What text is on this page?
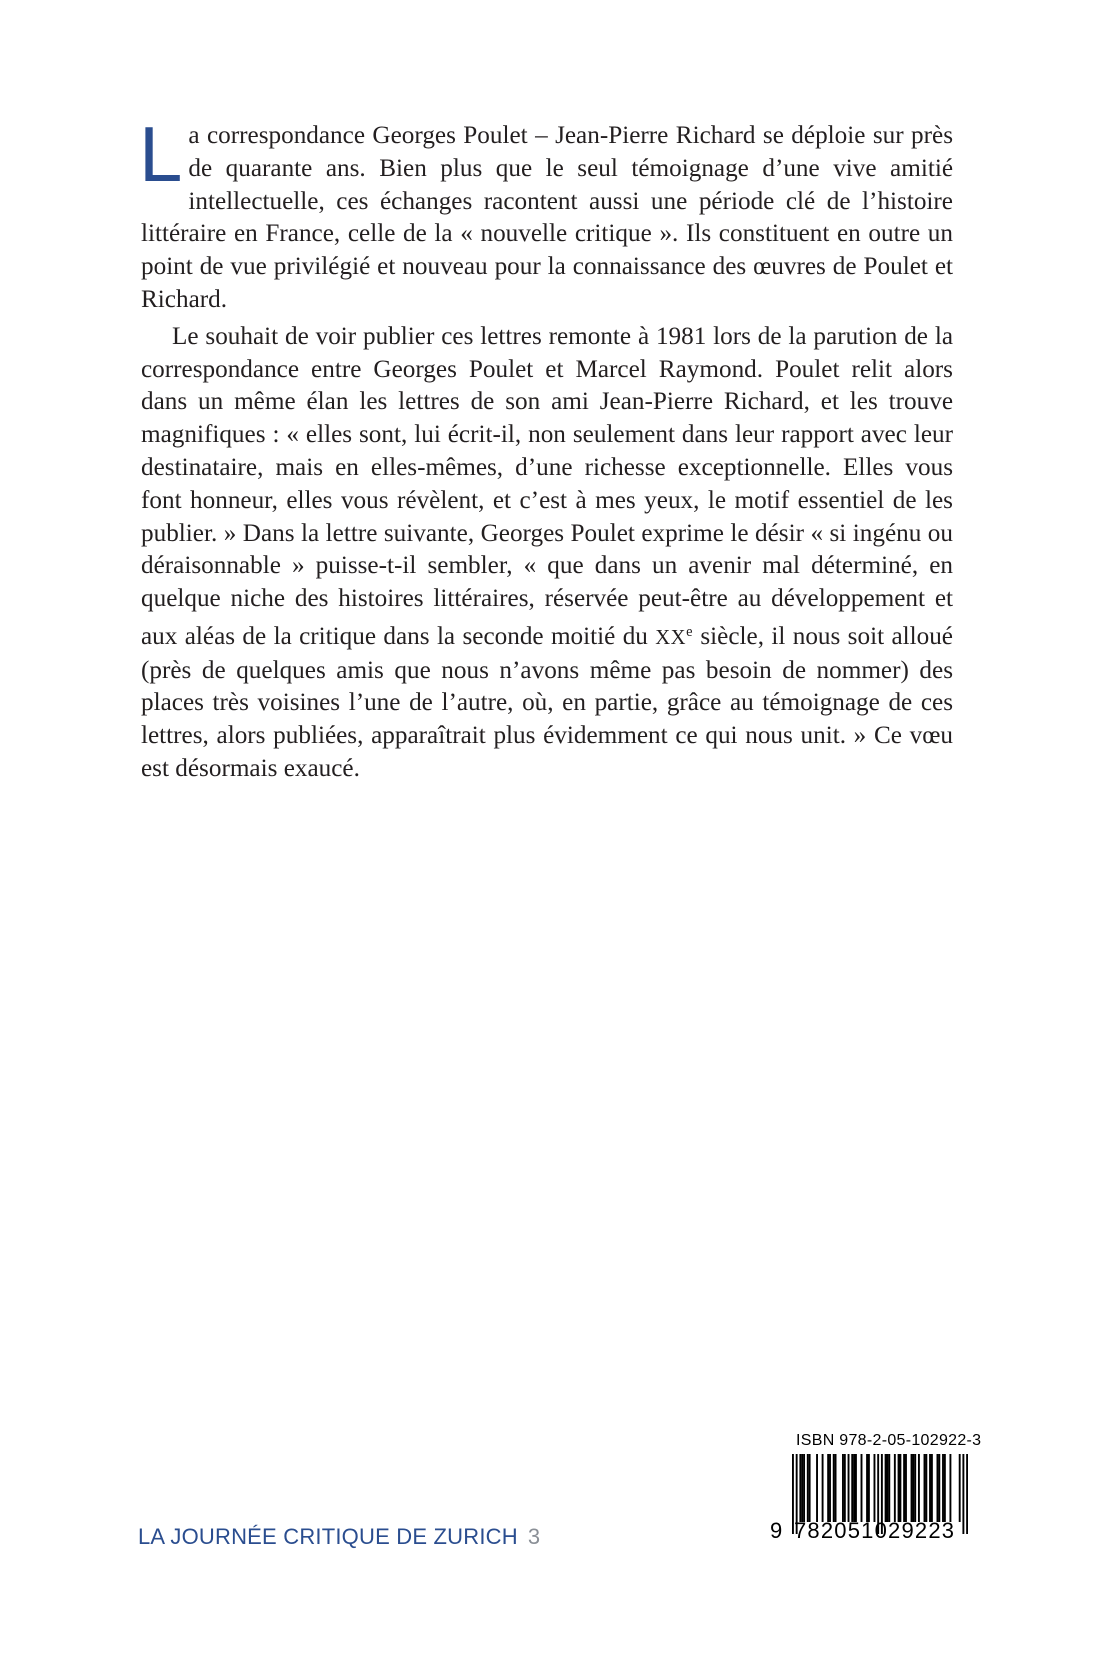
La correspondance Georges Poulet – Jean-Pierre Richard se déploie sur près de quarante ans. Bien plus que le seul témoignage d’une vive amitié intellectuelle, ces échanges racontent aussi une période clé de l’histoire littéraire en France, celle de la « nouvelle critique ». Ils constituent en outre un point de vue privilégié et nouveau pour la connaissance des œuvres de Poulet et Richard.

Le souhait de voir publier ces lettres remonte à 1981 lors de la parution de la correspondance entre Georges Poulet et Marcel Raymond. Poulet relit alors dans un même élan les lettres de son ami Jean-Pierre Richard, et les trouve magnifiques : « elles sont, lui écrit-il, non seulement dans leur rapport avec leur destinataire, mais en elles-mêmes, d’une richesse exceptionnelle. Elles vous font honneur, elles vous révèlent, et c’est à mes yeux, le motif essentiel de les publier. » Dans la lettre suivante, Georges Poulet exprime le désir « si ingénu ou déraisonnable » puisse-t-il sembler, « que dans un avenir mal déterminé, en quelque niche des histoires littéraires, réservée peut-être au développement et aux aléas de la critique dans la seconde moitié du XXe siècle, il nous soit alloué (près de quelques amis que nous n’avons même pas besoin de nommer) des places très voisines l’une de l’autre, où, en partie, grâce au témoignage de ces lettres, alors publiées, apparaîtrait plus évidemment ce qui nous unit. » Ce vœu est désormais exaucé.

LA JOURNÉE CRITIQUE DE ZURICH 3
ISBN 978-2-05-102922-3
9 782051029223
